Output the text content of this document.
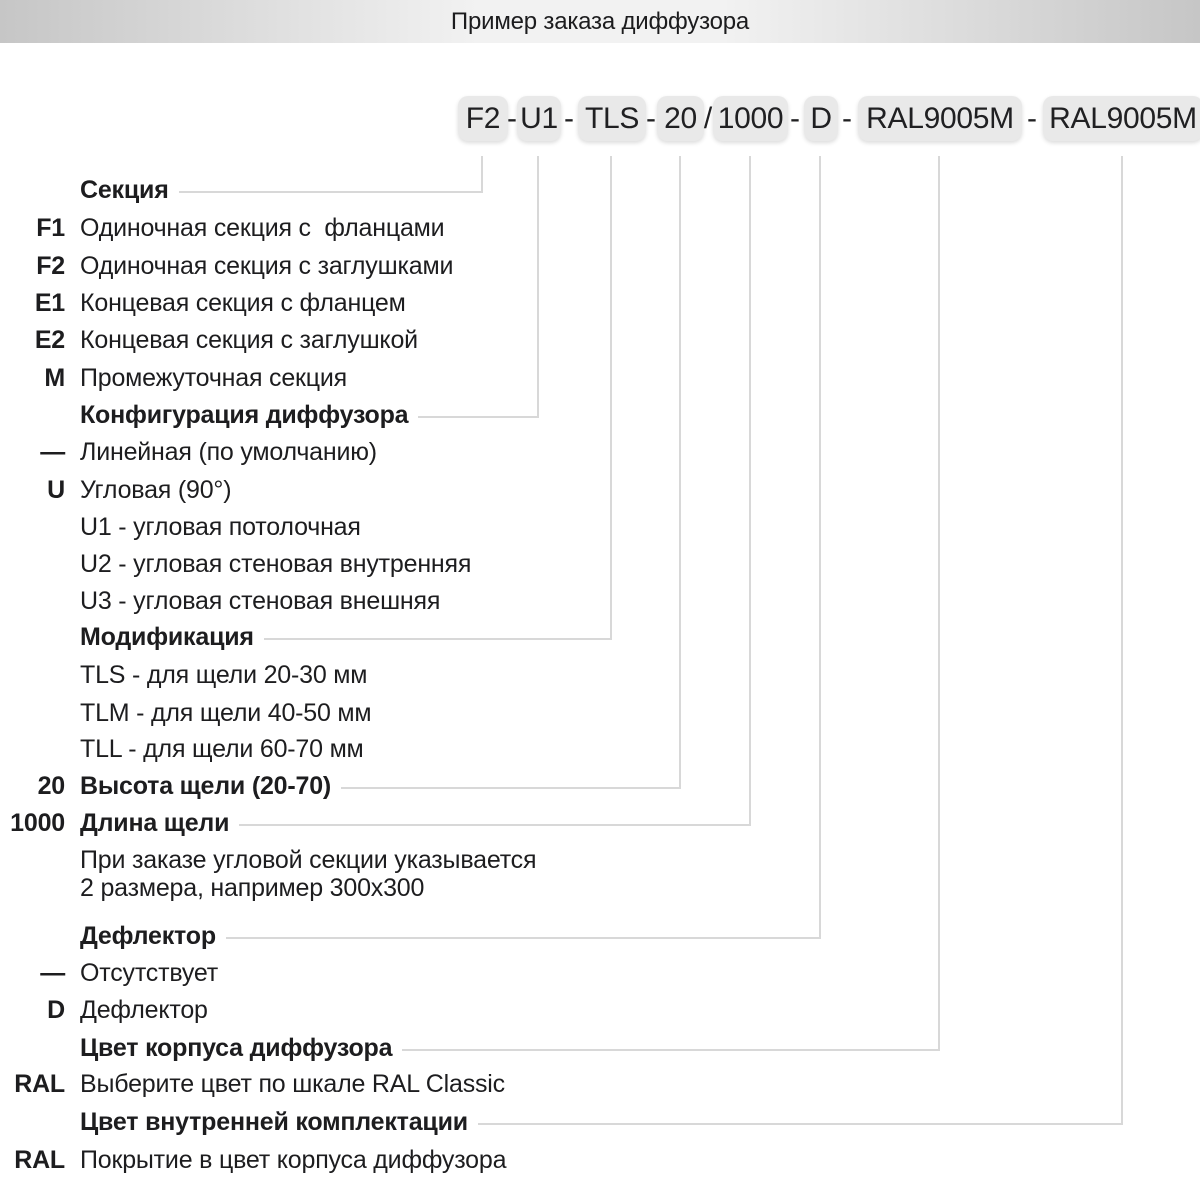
Пример заказа диффузора
F2 U1 TLS 20 1000 D RAL9005M RAL9005M
- - - /	- -	-
Секция
F1 Одиночная секция с  фланцами
F2 Одиночная секция с заглушками
E1 Концевая секция с фланцем
E2 Концевая секция с заглушкой
M Промежуточная секция
Конфигурация диффузора
— Линейная (по умолчанию)
U Угловая (90°)
U1 - угловая потолочная
U2 - угловая стеновая внутренняя
U3 - угловая стеновая внешняя
Модификация
TLS - для щели 20-30 мм
TLM - для щели 40-50 мм
TLL - для щели 60-70 мм
20 Высота щели (20-70)
1000 Длина щели
При заказе угловой секции указывается
2 размера, например 300x300
Дефлектор
— Отсутствует
D Дефлектор
Цвет корпуса диффузора
RAL Выберите цвет по шкале RAL Classic
Цвет внутренней комплектации
RAL Покрытие в цвет корпуса диффузора
